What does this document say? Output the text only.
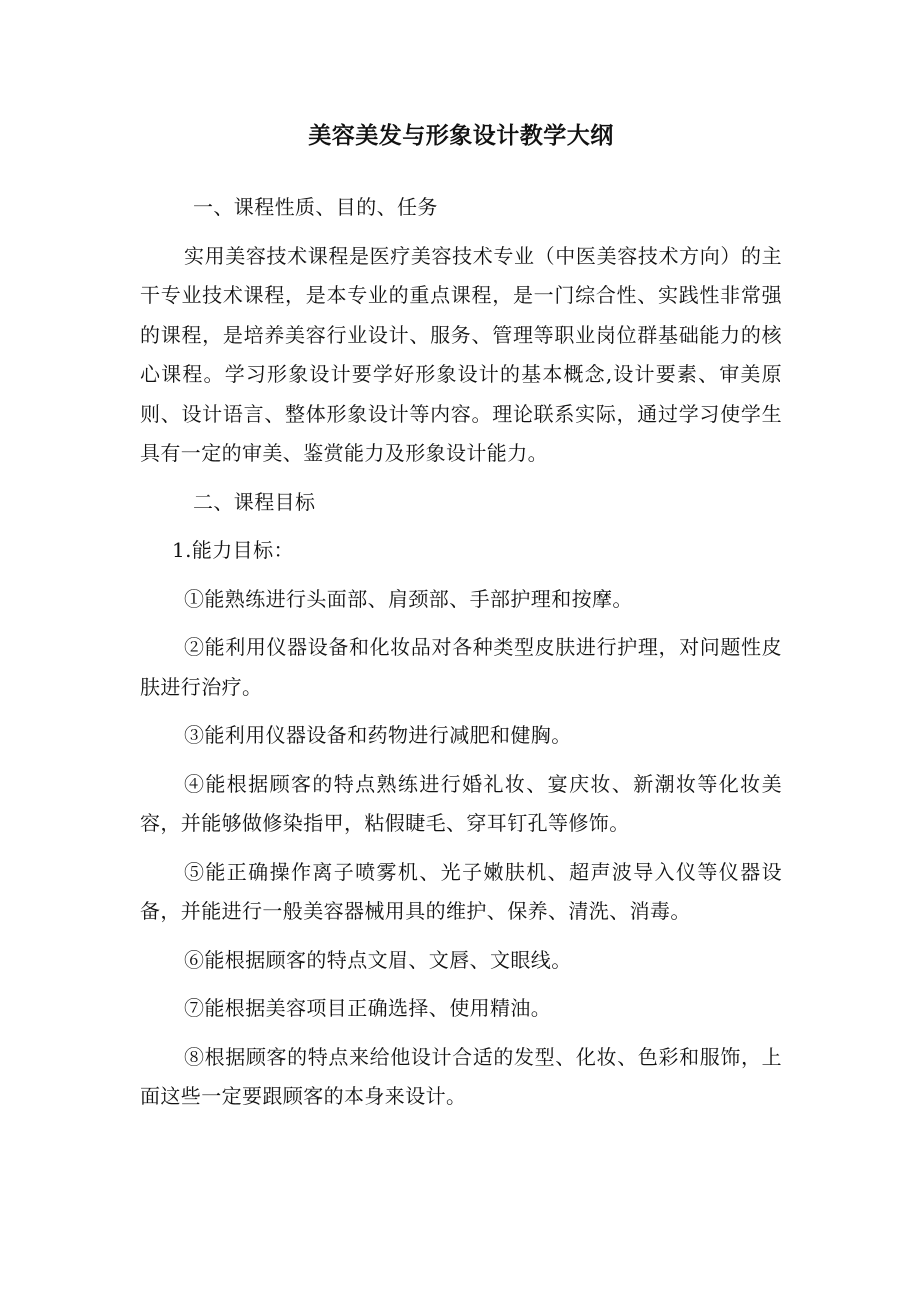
美容美发与形象设计教学大纲
一、课程性质、目的、任务
实用美容技术课程是医疗美容技术专业（中医美容技术方向）的主干专业技术课程，是本专业的重点课程，是一门综合性、实践性非常强的课程，是培养美容行业设计、服务、管理等职业岗位群基础能力的核心课程。学习形象设计要学好形象设计的基本概念,设计要素、审美原则、设计语言、整体形象设计等内容。理论联系实际，通过学习使学生具有一定的审美、鉴赏能力及形象设计能力。
二、课程目标
1.能力目标：
①能熟练进行头面部、肩颈部、手部护理和按摩。
②能利用仪器设备和化妆品对各种类型皮肤进行护理，对问题性皮肤进行治疗。
③能利用仪器设备和药物进行减肥和健胸。
④能根据顾客的特点熟练进行婚礼妆、宴庆妆、新潮妆等化妆美容，并能够做修染指甲，粘假睫毛、穿耳钉孔等修饰。
⑤能正确操作离子喷雾机、光子嫩肤机、超声波导入仪等仪器设备，并能进行一般美容器械用具的维护、保养、清洗、消毒。
⑥能根据顾客的特点文眉、文唇、文眼线。
⑦能根据美容项目正确选择、使用精油。
⑧根据顾客的特点来给他设计合适的发型、化妆、色彩和服饰，上面这些一定要跟顾客的本身来设计。
